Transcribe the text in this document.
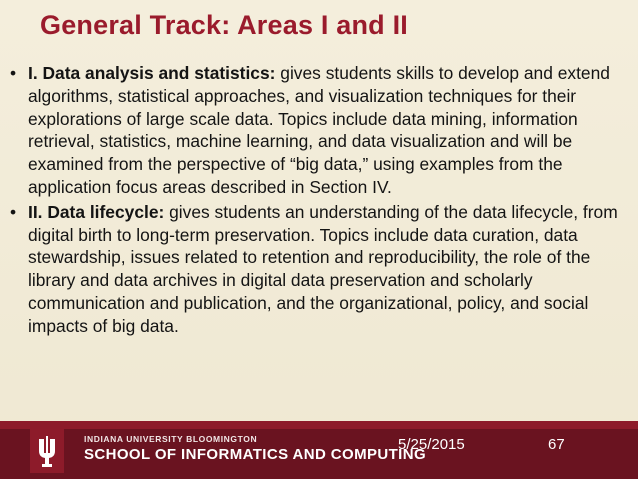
General Track: Areas I and II
• I. Data analysis and statistics: gives students skills to develop and extend algorithms, statistical approaches, and visualization techniques for their explorations of large scale data. Topics include data mining, information retrieval, statistics, machine learning, and data visualization and will be examined from the perspective of “big data,” using examples from the application focus areas described in Section IV.
• II. Data lifecycle: gives students an understanding of the data lifecycle, from digital birth to long-term preservation. Topics include data curation, data stewardship, issues related to retention and reproducibility, the role of the library and data archives in digital data preservation and scholarly communication and publication, and the organizational, policy, and social impacts of big data.
INDIANA UNIVERSITY BLOOMINGTON
SCHOOL OF INFORMATICS AND COMPUTING
5/25/2015	67
